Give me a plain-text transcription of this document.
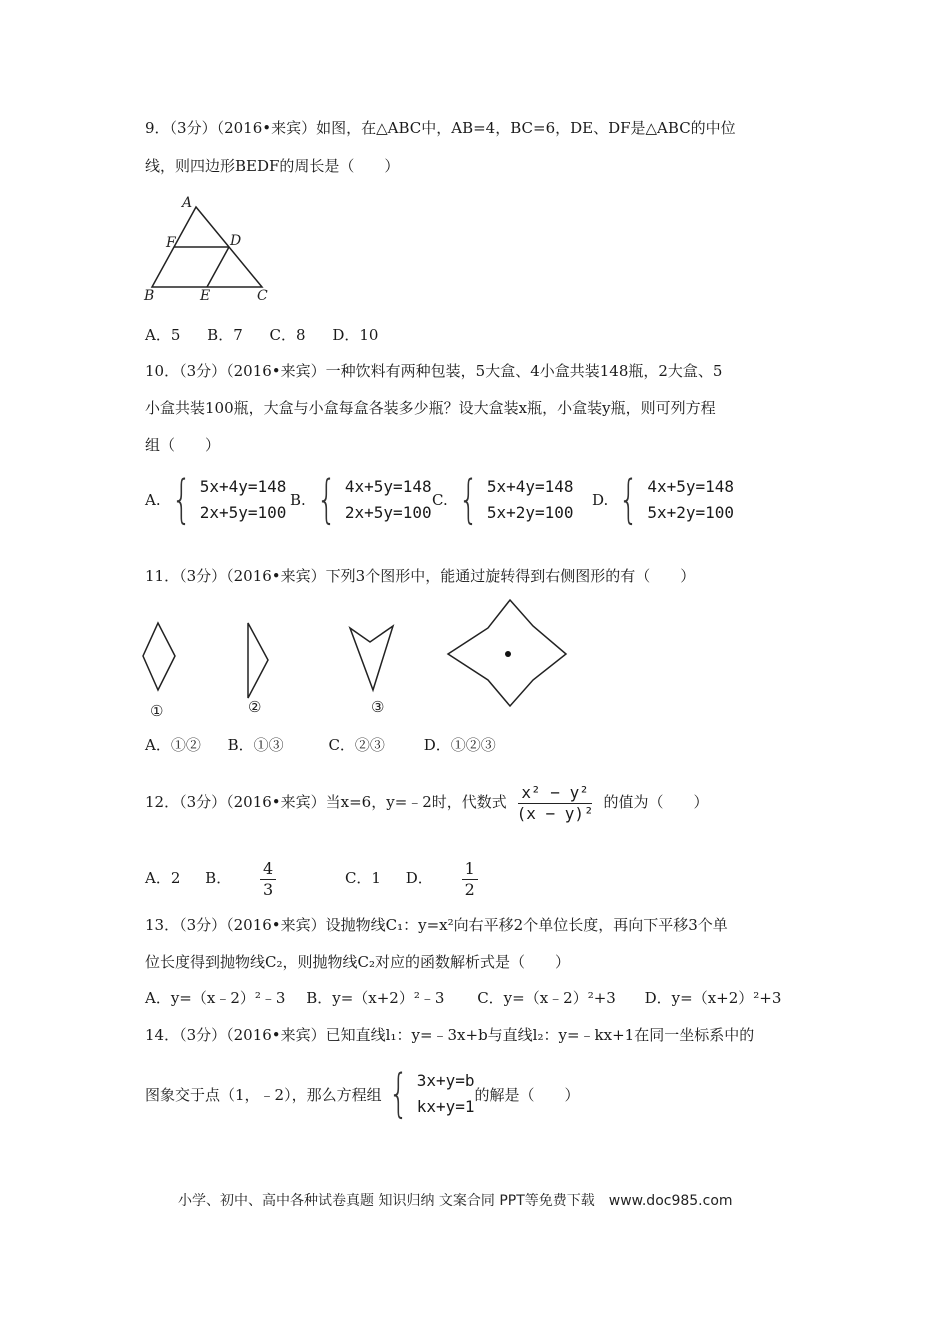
9．（3分）（2016•来宾）如图，在△ABC中，AB=4，BC=6，DE、DF是△ABC的中位
线，则四边形BEDF的周长是（　　）
A
F	D
B	E	C
A．5 B．7 C．8 D．10
10．（3分）（2016•来宾）一种饮料有两种包装，5大盒、4小盒共装148瓶，2大盒、5
小盒共装100瓶，大盒与小盒每盒各装多少瓶？设大盒装x瓶，小盒装y瓶，则可列方程
组（　　）
A. { 5x+4y=148
2x+5y=100
B. { 4x+5y=148
2x+5y=100
C. { 5x+4y=148
5x+2y=100
D. { 4x+5y=148
5x+2y=100
11．（3分）（2016•来宾）下列3个图形中，能通过旋转得到右侧图形的有（　　）
①	②	③
A．①② B．①③	C．②③	D．①②③
12．（3分）（2016•来宾）当x=6，y=﹣2时，代数式 $\frac{\text{x² − y²}}{\text{(x − y)²}}$ 的值为（　　）
A．2 B． $\frac{4}{3}$	C．1 D． $\frac{1}{2}$
13．（3分）（2016•来宾）设抛物线C₁：y=x²向右平移2个单位长度，再向下平移3个单
位长度得到抛物线C₂，则抛物线C₂对应的函数解析式是（　　）
A．y=（x﹣2）²﹣3 B．y=（x+2）²﹣3 C．y=（x﹣2）²+3 D．y=（x+2）²+3
14．（3分）（2016•来宾）已知直线l₁：y=﹣3x+b与直线l₂：y=﹣kx+1在同一坐标系中的
图象交于点（1，﹣2），那么方程组 { 3x+y=b
kx+y=1
的解是（　　）
小学、初中、高中各种试卷真题 知识归纳 文案合同 PPT等免费下载　www.doc985.com
